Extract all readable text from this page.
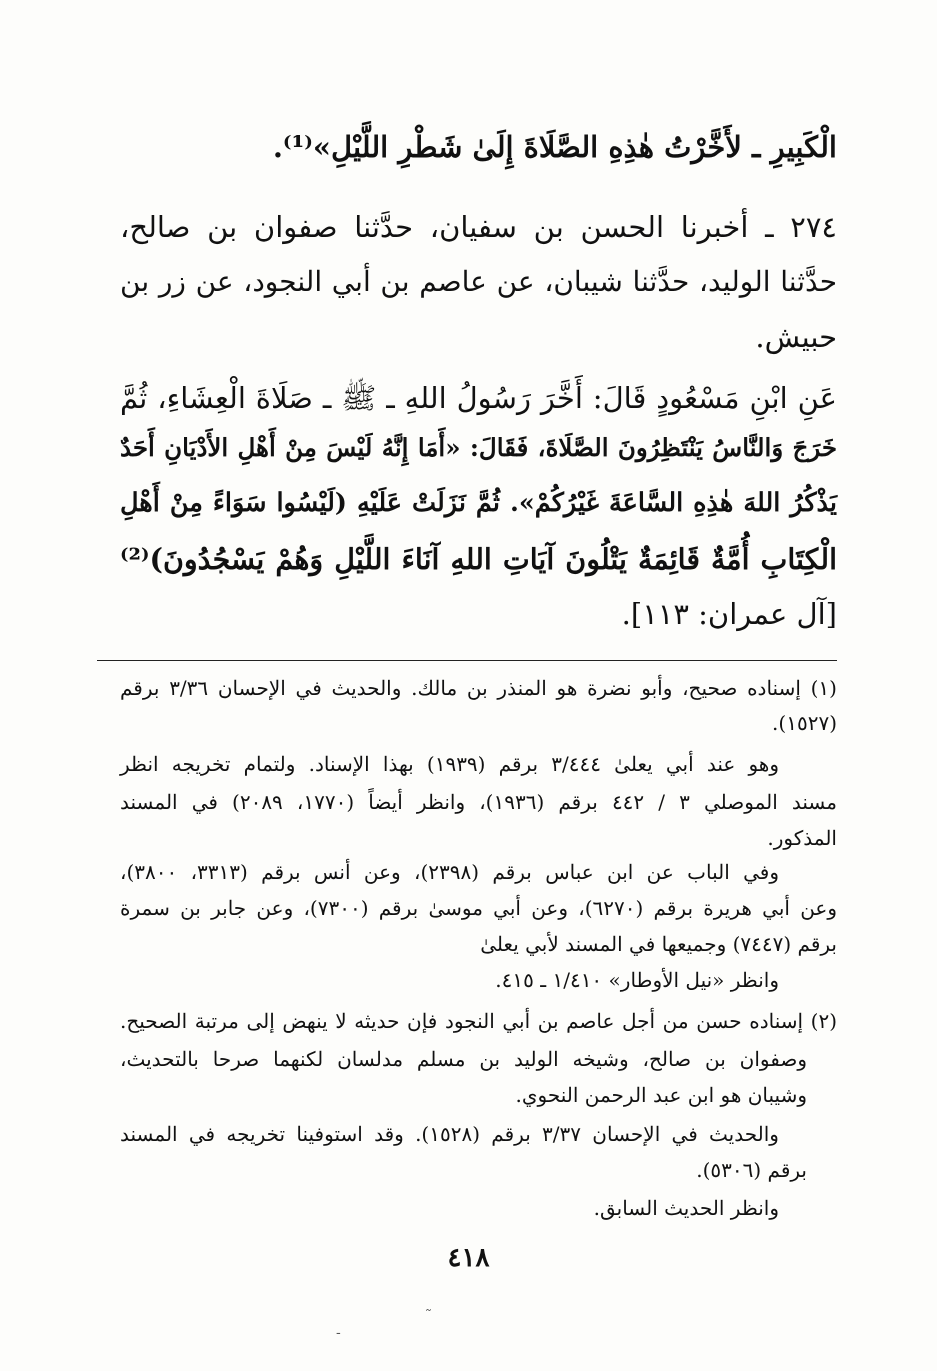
الْكَبِيرِ ـ لأَخَّرْتُ هٰذِهِ الصَّلَاةَ إِلَىٰ شَطْرِ اللَّيْلِ»⁽¹⁾.
٢٧٤ ـ أخبرنا الحسن بن سفيان، حدَّثنا صفوان بن صالح،
حدَّثنا الوليد، حدَّثنا شيبان، عن عاصم بن أبي النجود، عن زر بن
حبيش.
عَنِ ابْنِ مَسْعُودٍ قَالَ: أَخَّرَ رَسُولُ اللهِ ـ ﷺ ـ صَلَاةَ الْعِشَاءِ، ثُمَّ
خَرَجَ وَالنَّاسُ يَنْتَظِرُونَ الصَّلَاةَ، فَقَالَ: «أَمَا إِنَّهُ لَيْسَ مِنْ أَهْلِ الأَدْيَانِ أَحَدٌ
يَذْكُرُ اللهَ هٰذِهِ السَّاعَةَ غَيْرُكُمْ». ثُمَّ نَزَلَتْ عَلَيْهِ (لَيْسُوا سَوَاءً مِنْ أَهْلِ
الْكِتَابِ أُمَّةٌ قَائِمَةٌ يَتْلُونَ آيَاتِ اللهِ آنَاءَ اللَّيْلِ وَهُمْ يَسْجُدُونَ)⁽²⁾
[آل عمران: ١١٣].
(١) إسناده صحيح، وأبو نضرة هو المنذر بن مالك. والحديث في الإحسان ٣/٣٦ برقم
(١٥٢٧).
وهو عند أبي يعلىٰ ٣/٤٤٤ برقم (١٩٣٩) بهذا الإسناد. ولتمام تخريجه انظر
مسند الموصلي ٣ / ٤٤٢ برقم (١٩٣٦)، وانظر أيضاً (١٧٧٠، ٢٠٨٩) في المسند
المذكور.
وفي الباب عن ابن عباس برقم (٢٣٩٨)، وعن أنس برقم (٣٣١٣، ٣٨٠٠)،
وعن أبي هريرة برقم (٦٢٧٠)، وعن أبي موسىٰ برقم (٧٣٠٠)، وعن جابر بن سمرة
برقم (٧٤٤٧) وجميعها في المسند لأبي يعلىٰ
وانظر «نيل الأوطار» ١/٤١٠ ـ ٤١٥.
(٢) إسناده حسن من أجل عاصم بن أبي النجود فإن حديثه لا ينهض إلى مرتبة الصحيح.
وصفوان بن صالح، وشيخه الوليد بن مسلم مدلسان لكنهما صرحا بالتحديث،
وشيبان هو ابن عبد الرحمن النحوي.
والحديث في الإحسان ٣/٣٧ برقم (١٥٢٨). وقد استوفينا تخريجه في المسند
برقم (٥٣٠٦).
وانظر الحديث السابق.
٤١٨
˜
-
